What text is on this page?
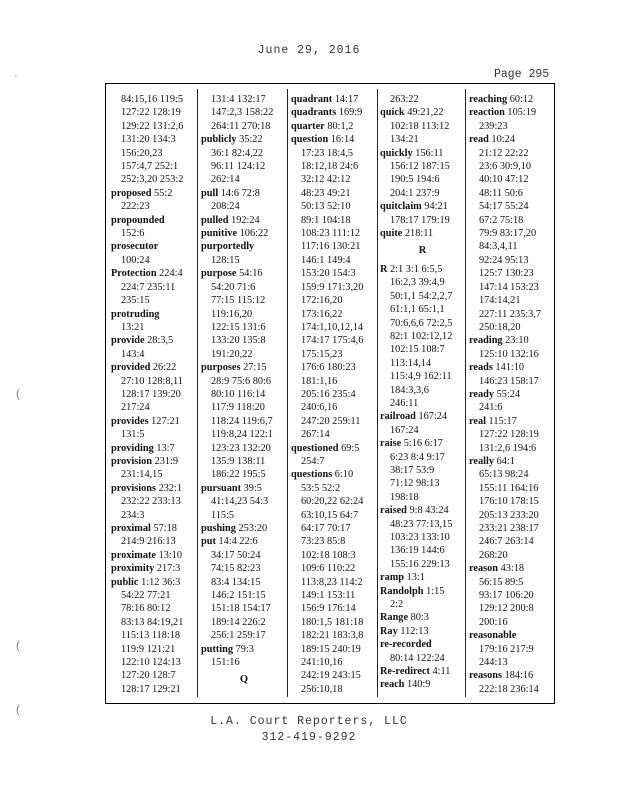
June 29, 2016
Page 295
·
(
(
(
84:15,16 119:5
127:22 128:19
129:22 131:2,6
131:20 134:3
156:20,23
157:4,7 252:1
252:3,20 253:2
proposed 55:2
222:23
propounded
152:6
prosecutor
100:24
Protection 224:4
224:7 235:11
235:15
protruding
13:21
provide 28:3,5
143:4
provided 26:22
27:10 128:8,11
128:17 139:20
217:24
provides 127:21
131:5
providing 13:7
provision 231:9
231:14,15
provisions 232:1
232:22 233:13
234:3
proximal 57:18
214:9 216:13
proximate 13:10
proximity 217:3
public 1:12 36:3
54:22 77:21
78:16 80:12
83:13 84:19,21
115:13 118:18
119:9 121:21
122:10 124:13
127:20 128:7
128:17 129:21
131:4 132:17
147:2,3 158:22
264:11 270:18
publicly 35:22
36:1 82:4,22
96:11 124:12
262:14
pull 14:6 72:8
208:24
pulled 192:24
punitive 106:22
purportedly
128:15
purpose 54:16
54:20 71:6
77:15 115:12
119:16,20
122:15 131:6
133:20 135:8
191:20,22
purposes 27:15
28:9 75:6 80:6
80:10 116:14
117:9 118:20
118:24 119:6,7
119:8,24 122:1
123:23 132:20
135:9 138:11
186:22 195:5
pursuant 39:5
41:14,23 54:3
115:5
pushing 253:20
put 14:4 22:6
34:17 50:24
74:15 82:23
83:4 134:15
146:2 151:15
151:18 154:17
189:14 226:2
256:1 259:17
putting 79:3
151:16
Q
quadrant 14:17
quadrants 169:9
quarter 80:1,2
question 16:14
17:23 18:4,5
18:12,18 24:6
32:12 42:12
48:23 49:21
50:13 52:10
89:1 104:18
108:23 111:12
117:16 130:21
146:1 149:4
153:20 154:3
159:9 171:3,20
172:16,20
173:16,22
174:1,10,12,14
174:17 175:4,6
175:15,23
176:6 180:23
181:1,16
205:16 235:4
240:6,16
247:20 259:11
267:14
questioned 69:5
254:7
questions 6:10
53:5 52:2
60:20,22 62:24
63:10,15 64:7
64:17 70:17
73:23 85:8
102:18 108:3
109:6 110:22
113:8,23 114:2
149:1 153:11
156:9 176:14
180:1,5 181:18
182:21 183:3,8
189:15 240:19
241:10,16
242:19 243:15
256:10,18
263:22
quick 49:21,22
102:18 113:12
134:21
quickly 156:11
156:12 187:15
190:5 194:6
204:1 237:9
quitclaim 94:21
178:17 179:19
quite 218:11
R
R 2:1 3:1 6:5,5
16:2,3 39:4,9
50:1,1 54:2,2,7
61:1,1 65:1,1
70:6,6,6 72:2,5
82:1 102:12,12
102:15 108:7
113:14,14
115:4,9 162:11
184:3,3,6
246:11
railroad 167:24
167:24
raise 5:16 6:17
6:23 8:4 9:17
38:17 53:9
71:12 98:13
198:18
raised 9:8 43:24
48:23 77:13,15
103:23 133:10
136:19 144:6
155:16 229:13
ramp 13:1
Randolph 1:15
2:2
Range 80:3
Ray 112:13
re-recorded
80:14 122:24
Re-redirect 4:11
reach 140:9
reaching 60:12
reaction 105:19
239:23
read 10:24
21:12 22:22
23:6 30:9,10
40:10 47:12
48:11 50:6
54:17 55:24
67:2 75:18
79:9 83:17,20
84:3,4,11
92:24 95:13
125:7 130:23
147:14 153:23
174:14,21
227:11 235:3,7
250:18,20
reading 23:10
125:10 132:16
reads 141:10
146:23 158:17
ready 55:24
241:6
real 115:17
127:22 128:19
131:2,6 194:6
really 64:1
65:13 98:24
155:11 164:16
176:10 178:15
205:13 233:20
233:21 238:17
246:7 263:14
268:20
reason 43:18
56:15 89:5
93:17 106:20
129:12 200:8
200:16
reasonable
179:16 217:9
244:13
reasons 184:16
222:18 236:14
L.A. Court Reporters, LLC
312-419-9292
